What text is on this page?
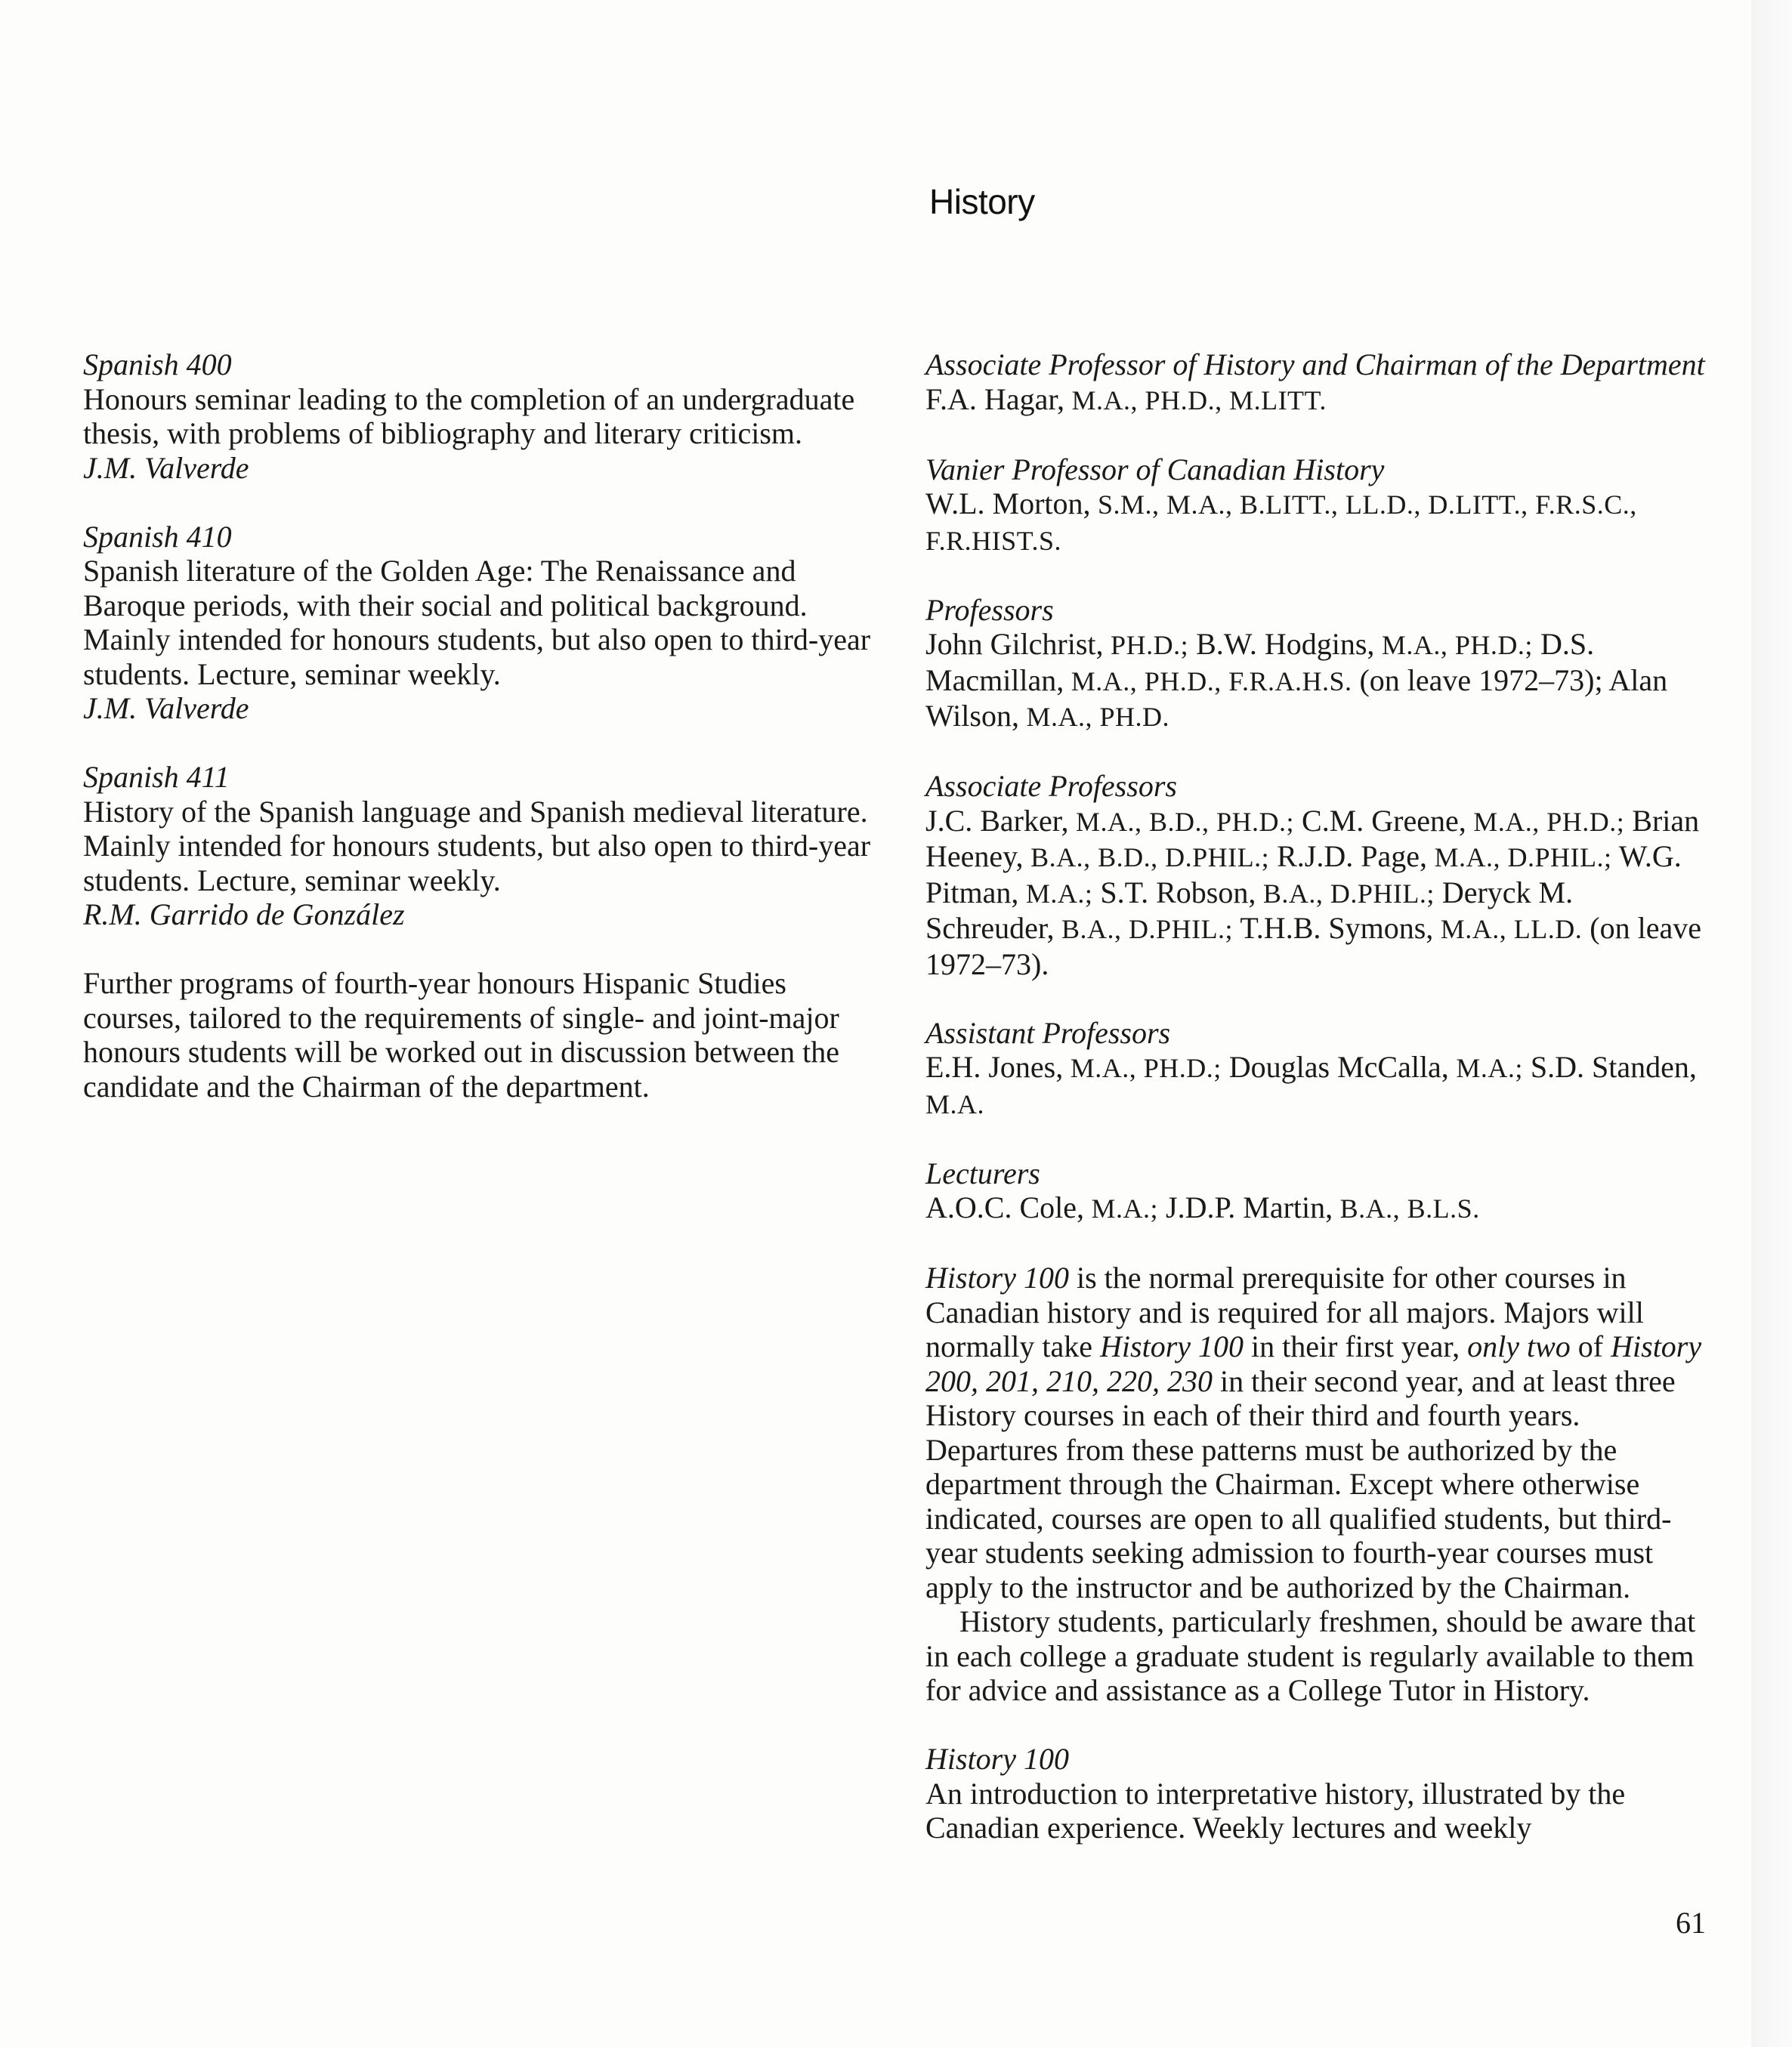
History
Spanish 400
Honours seminar leading to the completion of an undergraduate thesis, with problems of bibliography and literary criticism.
J.M. Valverde
Spanish 410
Spanish literature of the Golden Age: The Renaissance and Baroque periods, with their social and political background. Mainly intended for honours students, but also open to third-year students. Lecture, seminar weekly.
J.M. Valverde
Spanish 411
History of the Spanish language and Spanish medieval literature. Mainly intended for honours students, but also open to third-year students. Lecture, seminar weekly.
R.M. Garrido de González
Further programs of fourth-year honours Hispanic Studies courses, tailored to the requirements of single- and joint-major honours students will be worked out in discussion between the candidate and the Chairman of the department.
Associate Professor of History and Chairman of the Department
F.A. Hagar, M.A., PH.D., M.LITT.
Vanier Professor of Canadian History
W.L. Morton, S.M., M.A., B.LITT., LL.D., D.LITT., F.R.S.C., F.R.HIST.S.
Professors
John Gilchrist, PH.D.; B.W. Hodgins, M.A., PH.D.; D.S. Macmillan, M.A., PH.D., F.R.A.H.S. (on leave 1972–73); Alan Wilson, M.A., PH.D.
Associate Professors
J.C. Barker, M.A., B.D., PH.D.; C.M. Greene, M.A., PH.D.; Brian Heeney, B.A., B.D., D.PHIL.; R.J.D. Page, M.A., D.PHIL.; W.G. Pitman, M.A.; S.T. Robson, B.A., D.PHIL.; Deryck M. Schreuder, B.A., D.PHIL.; T.H.B. Symons, M.A., LL.D. (on leave 1972–73).
Assistant Professors
E.H. Jones, M.A., PH.D.; Douglas McCalla, M.A.; S.D. Standen, M.A.
Lecturers
A.O.C. Cole, M.A.; J.D.P. Martin, B.A., B.L.S.
History 100 is the normal prerequisite for other courses in Canadian history and is required for all majors. Majors will normally take History 100 in their first year, only two of History 200, 201, 210, 220, 230 in their second year, and at least three History courses in each of their third and fourth years. Departures from these patterns must be authorized by the department through the Chairman. Except where otherwise indicated, courses are open to all qualified students, but third-year students seeking admission to fourth-year courses must apply to the instructor and be authorized by the Chairman.
History students, particularly freshmen, should be aware that in each college a graduate student is regularly available to them for advice and assistance as a College Tutor in History.
History 100
An introduction to interpretative history, illustrated by the Canadian experience. Weekly lectures and weekly
61
